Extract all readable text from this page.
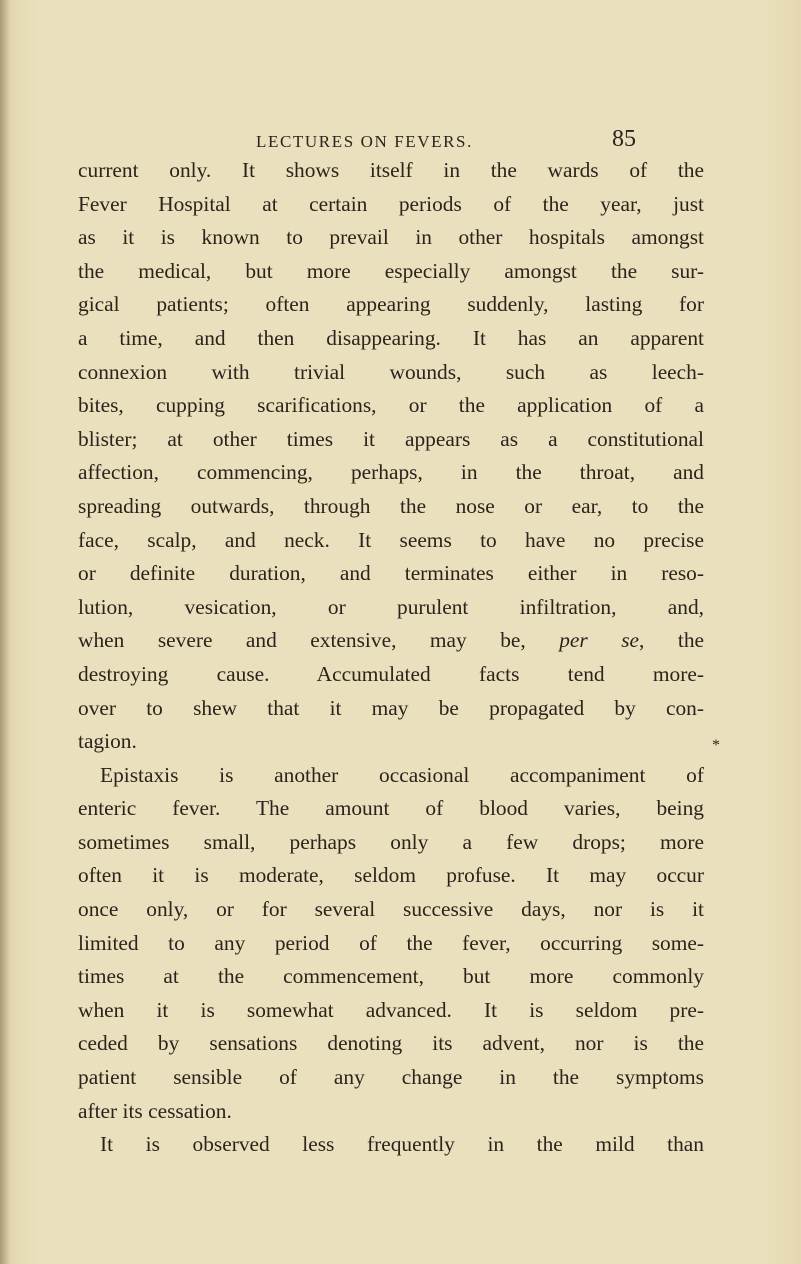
LECTURES ON FEVERS.	85
*
current only. It shows itself in the wards of the
Fever Hospital at certain periods of the year, just
as it is known to prevail in other hospitals amongst
the medical, but more especially amongst the sur-
gical patients; often appearing suddenly, lasting for
a time, and then disappearing. It has an apparent
connexion with trivial wounds, such as leech-
bites, cupping scarifications, or the application of a
blister; at other times it appears as a constitutional
affection, commencing, perhaps, in the throat, and
spreading outwards, through the nose or ear, to the
face, scalp, and neck. It seems to have no precise
or definite duration, and terminates either in reso-
lution, vesication, or purulent infiltration, and,
when severe and extensive, may be, per se, the
destroying cause. Accumulated facts tend more-
over to shew that it may be propagated by con-
tagion.
Epistaxis is another occasional accompaniment of
enteric fever. The amount of blood varies, being
sometimes small, perhaps only a few drops; more
often it is moderate, seldom profuse. It may occur
once only, or for several successive days, nor is it
limited to any period of the fever, occurring some-
times at the commencement, but more commonly
when it is somewhat advanced. It is seldom pre-
ceded by sensations denoting its advent, nor is the
patient sensible of any change in the symptoms
after its cessation.
It is observed less frequently in the mild than
